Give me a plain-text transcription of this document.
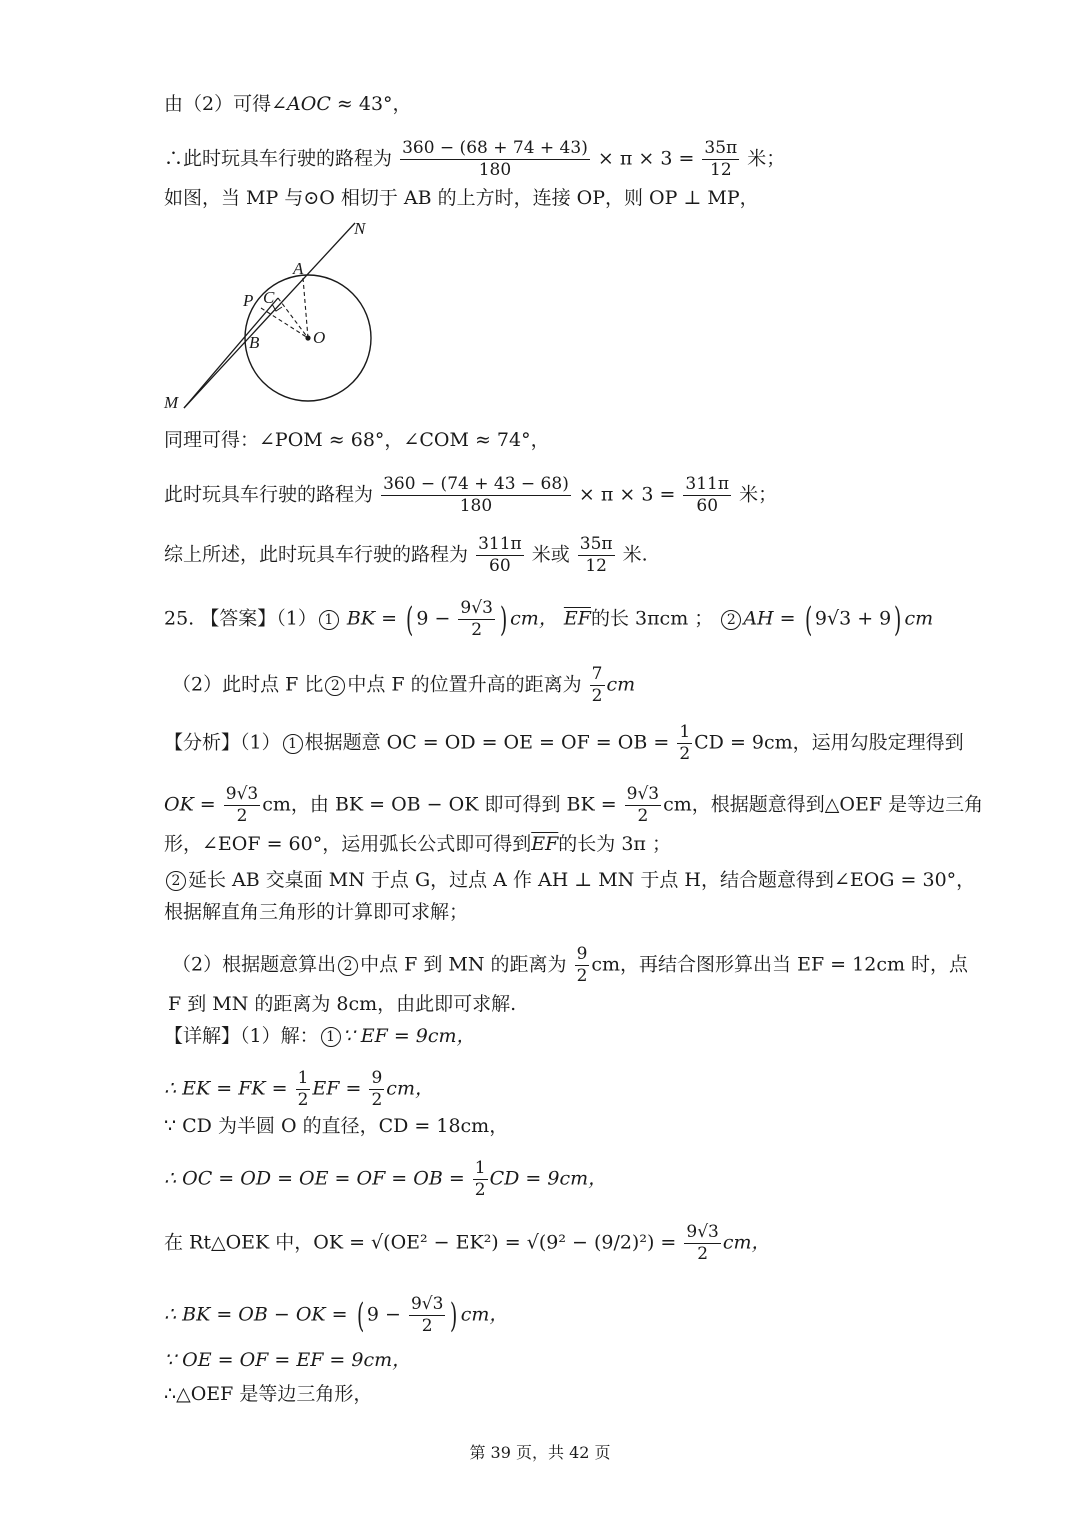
由（2）可得∠AOC ≈ 43°，
∴此时玩具车行驶的路程为 $\frac{360 - (68 + 74 + 43)}{180} \times \pi \times 3 = \frac{35\pi}{12}$ 米；
如图，当 MP 与⊙O 相切于 AB 的上方时，连接 OP，则 OP ⊥ MP，
N
A
P C
B	O
M
同理可得：∠POM ≈ 68°，∠COM ≈ 74°，
此时玩具车行驶的路程为 $\frac{360 - (74 + 43 - 68)}{180} \times \pi \times 3 = \frac{311\pi}{60}$ 米；
综上所述，此时玩具车行驶的路程为 $\frac{311\pi}{60}$ 米或 $\frac{35\pi}{12}$ 米.
25. 【答案】（1） 1 BK = ( $9 - \frac{9√3}{2}$ ) cm， $\overline{EF}$的长 3πcm ； 2 AH = ( 9√3 + 9) cm
（2）此时点 F 比 2 中点 F 的位置升高的距离为 $\frac{7}{2}$ cm
【分析】（1） 1 根据题意 OC = OD = OE = OF = OB = $\frac{1}{2}$ CD = 9cm，运用勾股定理得到
OK = $\frac{9√3}{2}$ cm，由 BK = OB − OK 即可得到 BK = $\frac{9√3}{2}$ cm，根据题意得到△OEF 是等边三角
形，∠EOF = 60°，运用弧长公式即可得到$\overline{EF}$的长为 3π ；
2 延长 AB 交桌面 MN 于点 G，过点 A 作 AH ⊥ MN 于点 H，结合题意得到∠EOG = 30°，
根据解直角三角形的计算即可求解；
（2）根据题意算出 2 中点 F 到 MN 的距离为 $\frac{9}{2}$ cm，再结合图形算出当 EF = 12cm 时，点
F 到 MN 的距离为 8cm，由此即可求解.
【详解】（1）解： 1 ∵ EF = 9cm，
∴ EK = FK = $\frac{1}{2}$ EF = $\frac{9}{2}$ cm，
∵ CD 为半圆 O 的直径，CD = 18cm，
∴ OC = OD = OE = OF = OB = $\frac{1}{2}$ CD = 9cm，
在 Rt△OEK 中，OK = $√(OE^2 - EK^2) = √(9^2 - (9/2)^2) = \frac{9√3}{2}$ cm，
∴ BK = OB − OK = ( $9 - \frac{9√3}{2}$ ) cm，
∵ OE = OF = EF = 9cm，
∴△OEF 是等边三角形，
第 39 页，共 42 页
